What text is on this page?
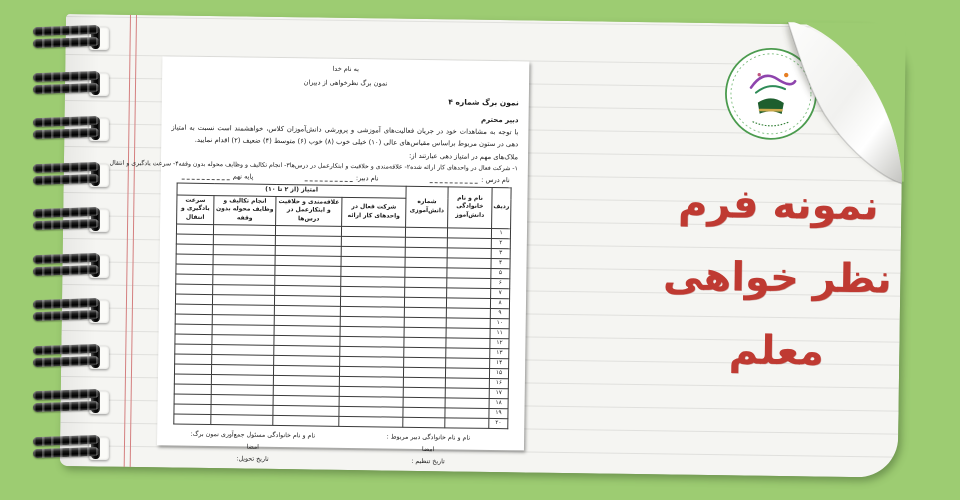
به نام خدا
نمون برگ نظرخواهی از دبیران
نمون برگ شماره ۴
دبیر محترم
با توجه به مشاهدات خود در جریان فعالیت‌های آموزشی و پرورشی دانش‌آموزان کلاس، خواهشمند است نسبت به امتیاز دهی در ستون مربوط براساس مقیاس‌های عالی (۱۰) خیلی خوب (۸) خوب (۶) متوسط (۴) ضعیف (۲) اقدام نمایید.
ملاک‌های مهم در امتیاز دهی عبارتند از:
۱- شرکت فعال در واحدهای کار ارائه شده
۲- علاقه‌مندی و خلاقیت و ابتکارعمل در درس‌ها
۳- انجام تکالیف و وظایف محوله بدون وقفه
۴- سرعت یادگیری و انتقال
نام درس :
نام دبیر:
پایه نهم
ردیف	نام و نام خانوادگی دانش‌آموز	شماره دانش‌آموزی	امتیاز (از ۲ تا ۱۰)			
			شرکت فعال در واحدهای کار ارائه	علاقه‌مندی و خلاقیت و ابتکارعمل در درس‌ها	انجام تکالیف و وظایف محوله بدون وقفه	سرعت یادگیری و انتقال
۱						
۲						
۳						
۴						
۵						
۶						
۷						
۸						
۹						
۱۰						
۱۱						
۱۲						
۱۳						
۱۴						
۱۵						
۱۶						
۱۷						
۱۸						
۱۹						
۲۰						
نام و نام خانوادگی دبیر مربوط :
امضا
تاریخ تنظیم :
نام و نام خانوادگی مسئول جمع‌آوری نمون برگ:
امضا
تاریخ تحویل:
نمونه فرم
نظر خواهی
معلم
